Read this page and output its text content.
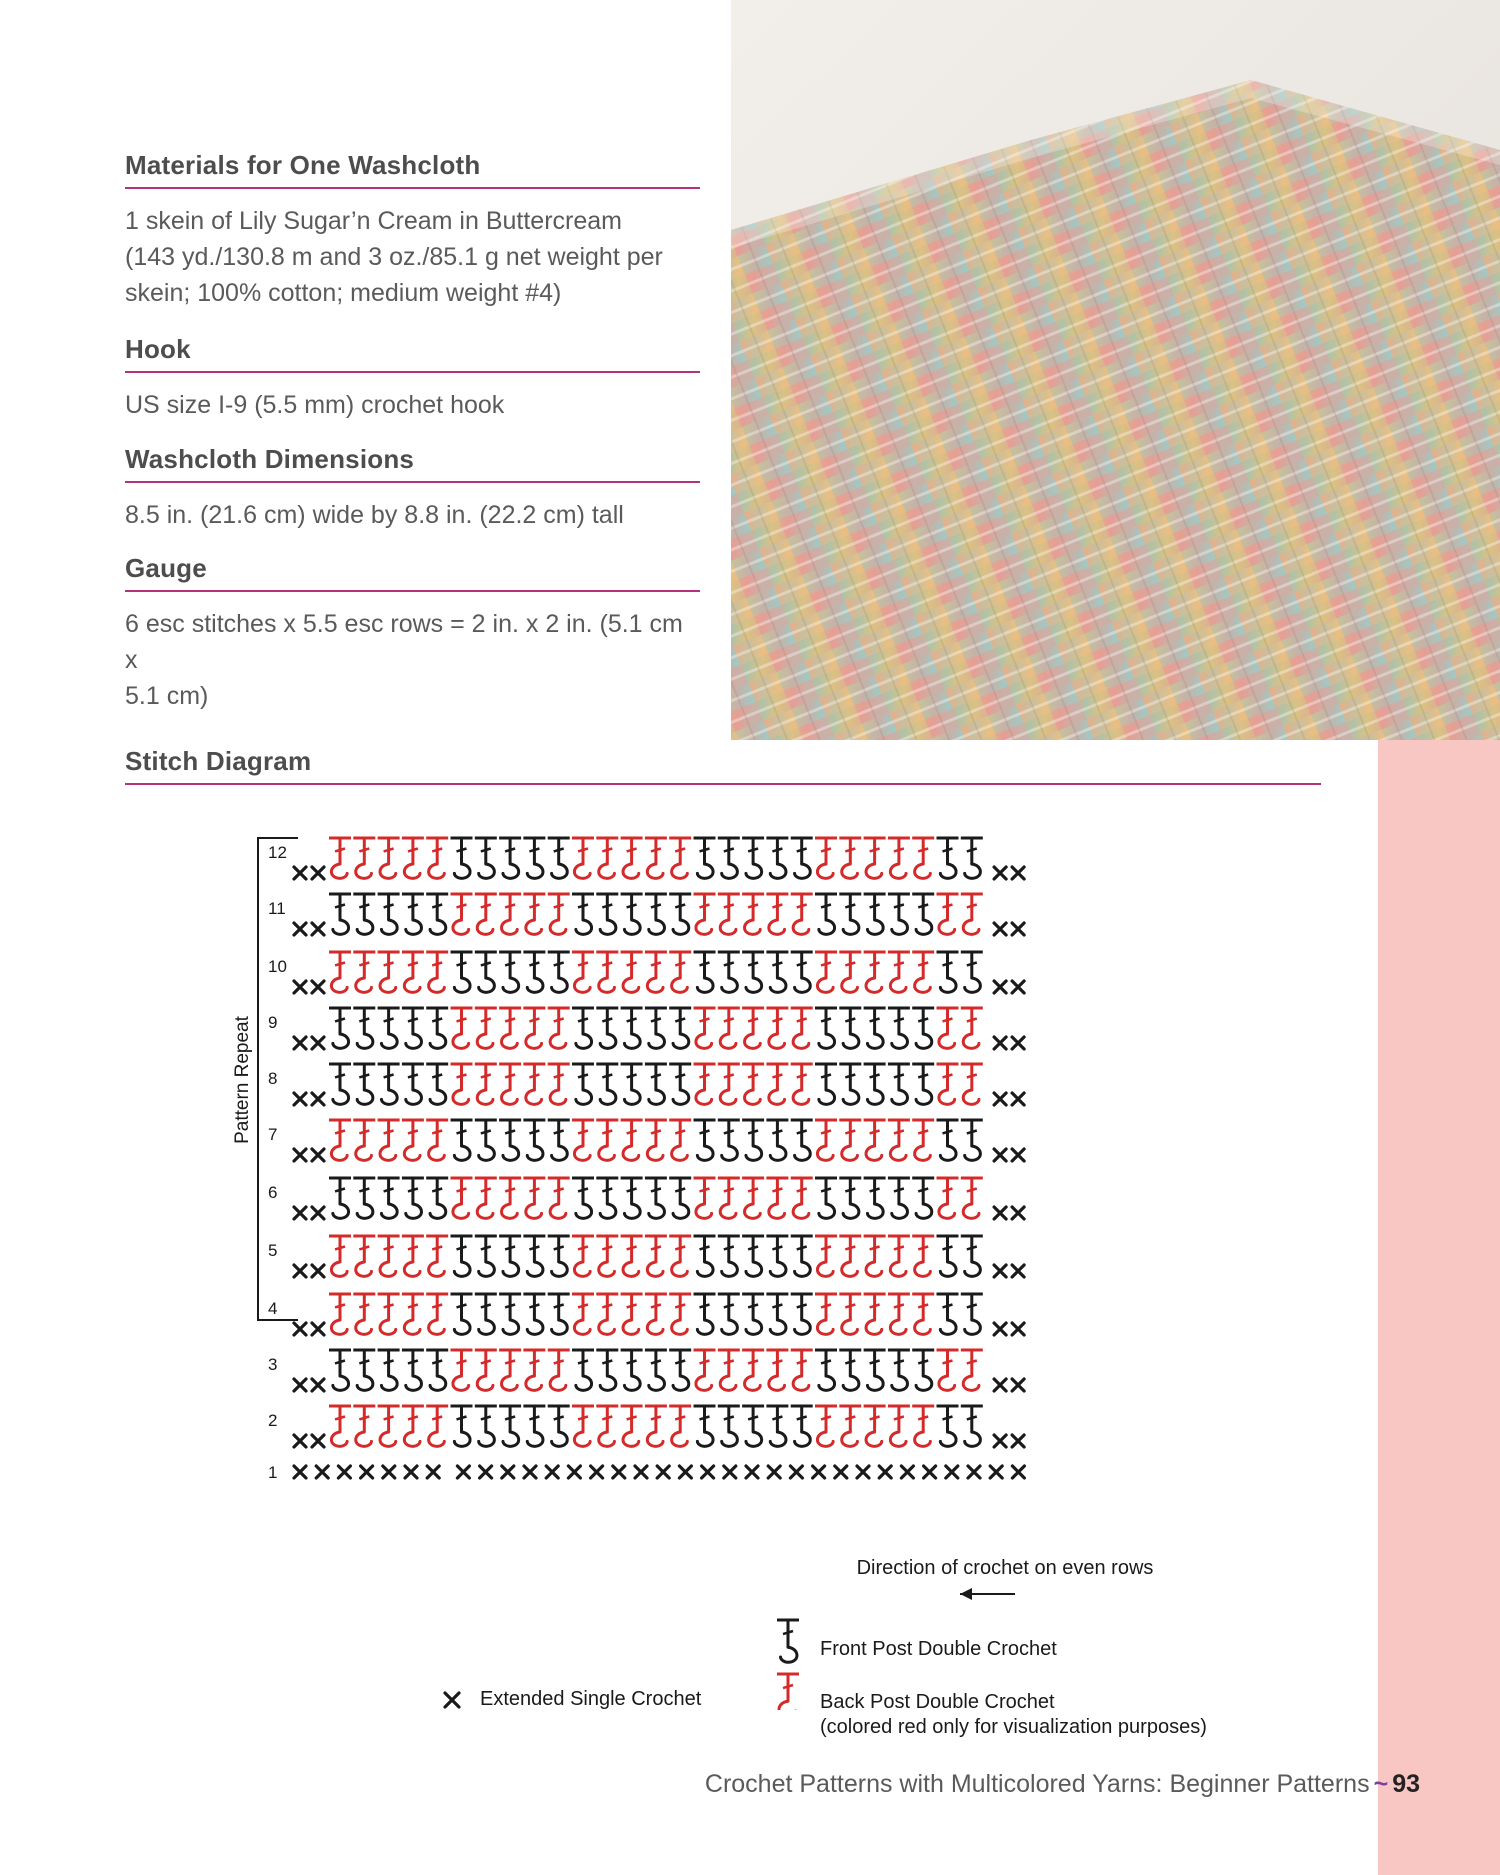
Materials for One Washcloth
1 skein of Lily Sugar’n Cream in Buttercream
(143 yd./130.8 m and 3 oz./85.1 g net weight per
skein; 100% cotton; medium weight #4)
Hook
US size I-9 (5.5 mm) crochet hook
Washcloth Dimensions
8.5 in. (21.6 cm) wide by 8.8 in. (22.2 cm) tall
Gauge
6 esc stitches x 5.5 esc rows = 2 in. x 2 in. (5.1 cm x
5.1 cm)
Stitch Diagram
Pattern Repeat
2
3
4
5
6
7
8
9
10
11
12
1
Direction of crochet on even rows
Extended Single Crochet
Front Post Double Crochet
Back Post Double Crochet
(colored red only for visualization purposes)
Crochet Patterns with Multicolored Yarns: Beginner Patterns ~ 93
